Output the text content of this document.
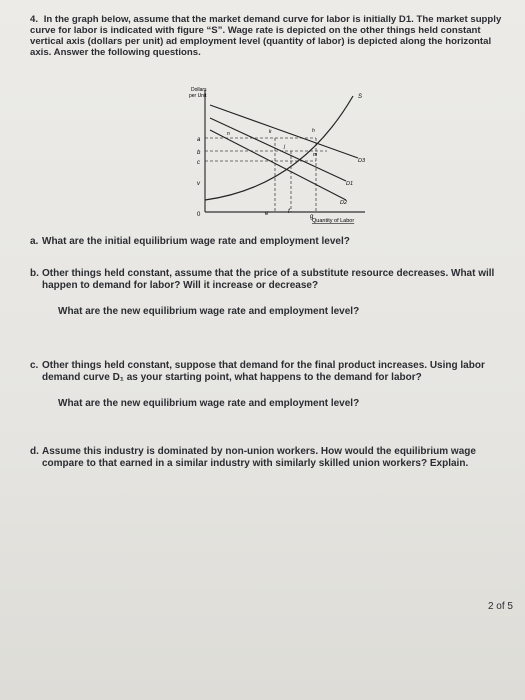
4. In the graph below, assume that the market demand curve for labor is initially D1. The market supply curve for labor is indicated with figure “S”. Wage rate is depicted on the other things held constant vertical axis (dollars per unit) ad employment level (quantity of labor) is depicted along the horizontal axis. Answer the following questions.
Dollars
per Unit
Quantity of Labor
0
a
b
c
v
e	f
g
S
D3
D1
D2
n	k	h
j
m
a. What are the initial equilibrium wage rate and employment level?
b. Other things held constant, assume that the price of a substitute resource decreases. What will happen to demand for labor? Will it increase or decrease?
What are the new equilibrium wage rate and employment level?
c. Other things held constant, suppose that demand for the final product increases. Using labor demand curve D₁ as your starting point, what happens to the demand for labor?
What are the new equilibrium wage rate and employment level?
d. Assume this industry is dominated by non-union workers. How would the equilibrium wage compare to that earned in a similar industry with similarly skilled union workers? Explain.
2 of 5
